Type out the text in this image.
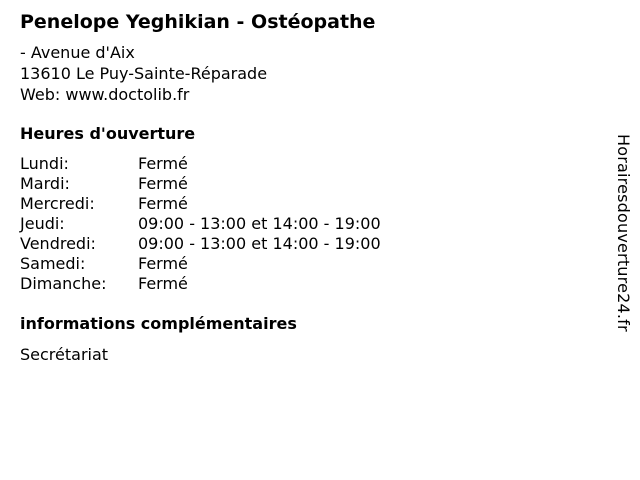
Penelope Yeghikian - Ostéopathe
- Avenue d'Aix
13610 Le Puy-Sainte-Réparade
Web: www.doctolib.fr
Heures d'ouverture
Lundi:	Fermé
Mardi:	Fermé
Mercredi:	Fermé
Jeudi:	09:00 - 13:00 et 14:00 - 19:00
Vendredi:	09:00 - 13:00 et 14:00 - 19:00
Samedi:	Fermé
Dimanche: Fermé
informations complémentaires
Secrétariat
Horairesdouverture24.fr
